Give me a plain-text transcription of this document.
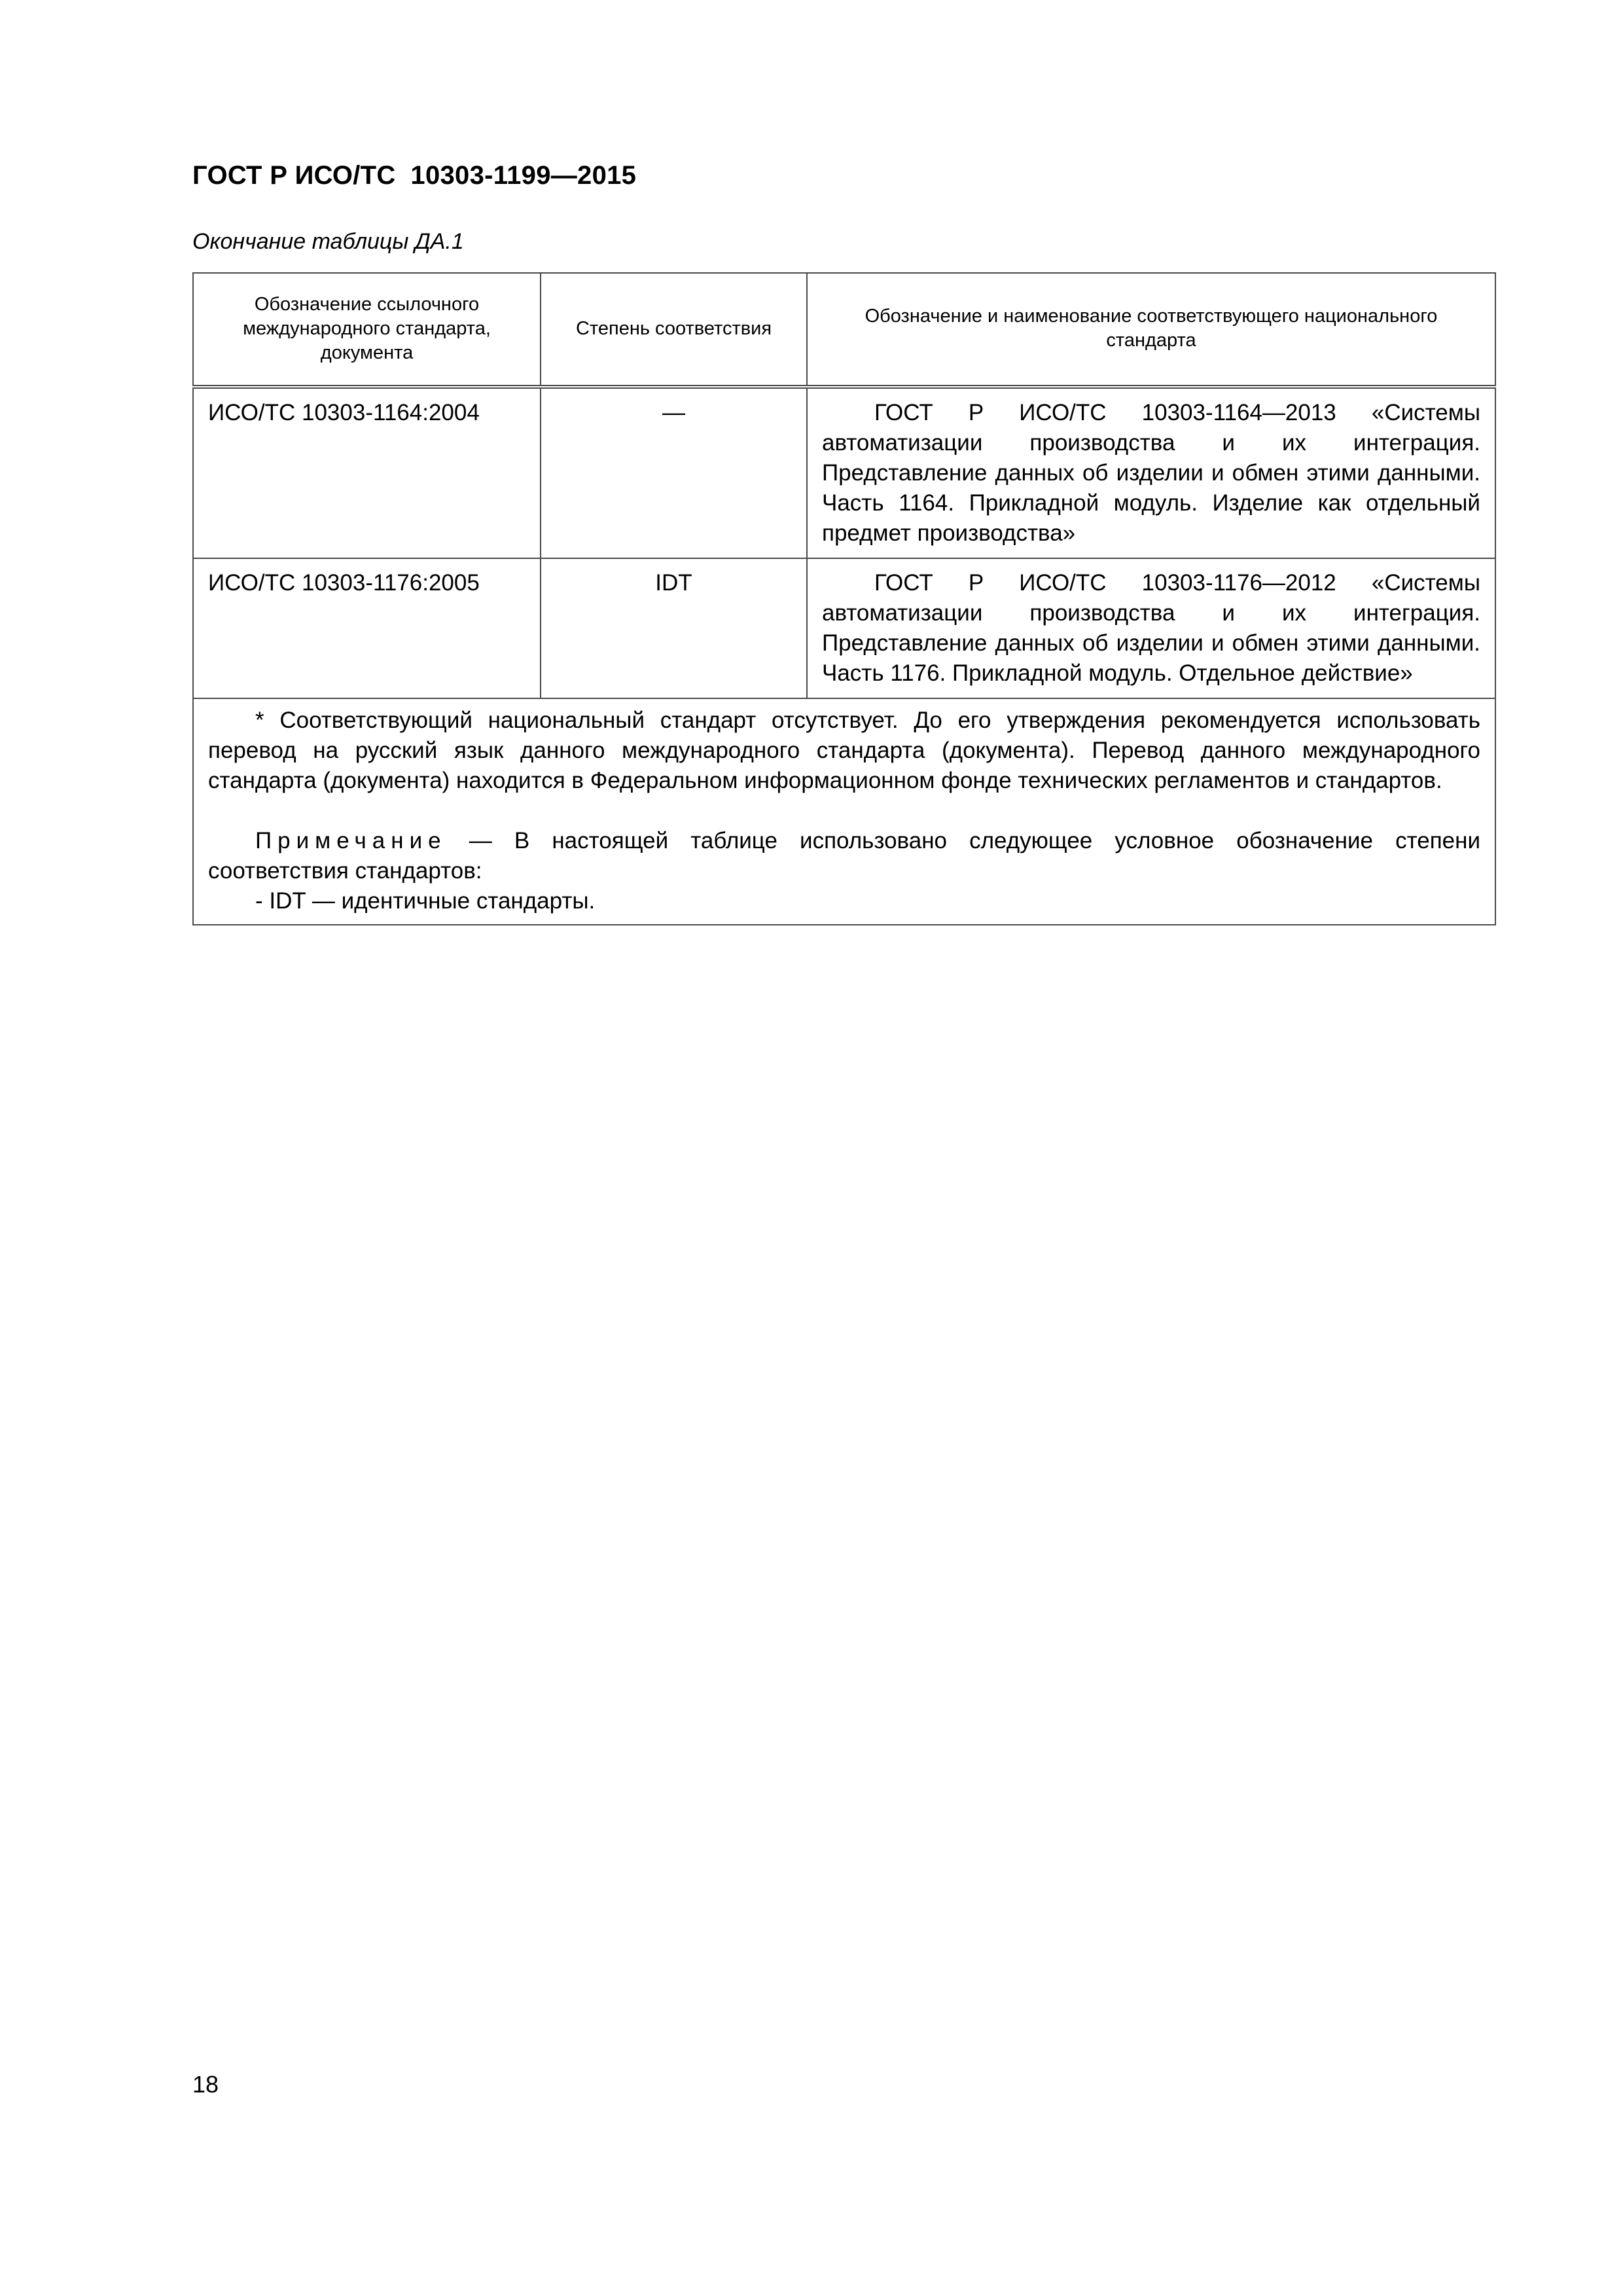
ГОСТ Р ИСО/ТС  10303-1199—2015
Окончание таблицы ДА.1
Обозначение ссылочного международного стандарта, документа	Степень соответствия	Обозначение и наименование соответствующего национального стандарта
ИСО/ТС 10303-1164:2004	—	ГОСТ Р ИСО/ТС 10303-1164—2013 «Системы автоматизации производства и их интеграция. Представление данных об изделии и обмен этими данными. Часть 1164. Прикладной модуль. Изделие как отдельный предмет производства»
ИСО/ТС 10303-1176:2005	IDT	ГОСТ Р ИСО/ТС 10303-1176—2012 «Системы автоматизации производства и их интеграция. Представление данных об изделии и обмен этими данными. Часть 1176. Прикладной модуль. Отдельное действие»

* Соответствующий национальный стандарт отсутствует. До его утверждения рекомендуется использовать перевод на русский язык данного международного стандарта (документа). Перевод данного международного стандарта (документа) находится в Федеральном информационном фонде технических регламентов и стандартов.

Примечание — В настоящей таблице использовано следующее условное обозначение степени соответствия стандартов:

- IDT — идентичные стандарты.		

18
